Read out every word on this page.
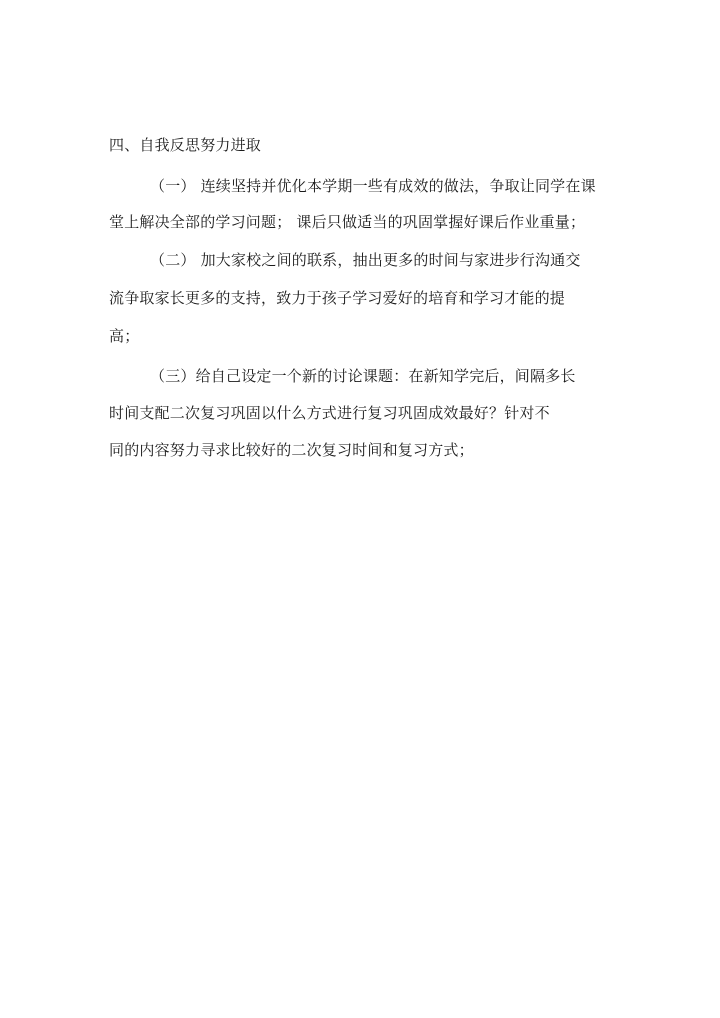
四、自我反思努力进取
（一） 连续坚持并优化本学期一些有成效的做法，争取让同学在课
堂上解决全部的学习问题； 课后只做适当的巩固掌握好课后作业重量；
（二） 加大家校之间的联系，抽出更多的时间与家进步行沟通交
流争取家长更多的支持，致力于孩子学习爱好的培育和学习才能的提
高；
（三）给自己设定一个新的讨论课题：在新知学完后，间隔多长
时间支配二次复习巩固以什么方式进行复习巩固成效最好？针对不
同的内容努力寻求比较好的二次复习时间和复习方式；
